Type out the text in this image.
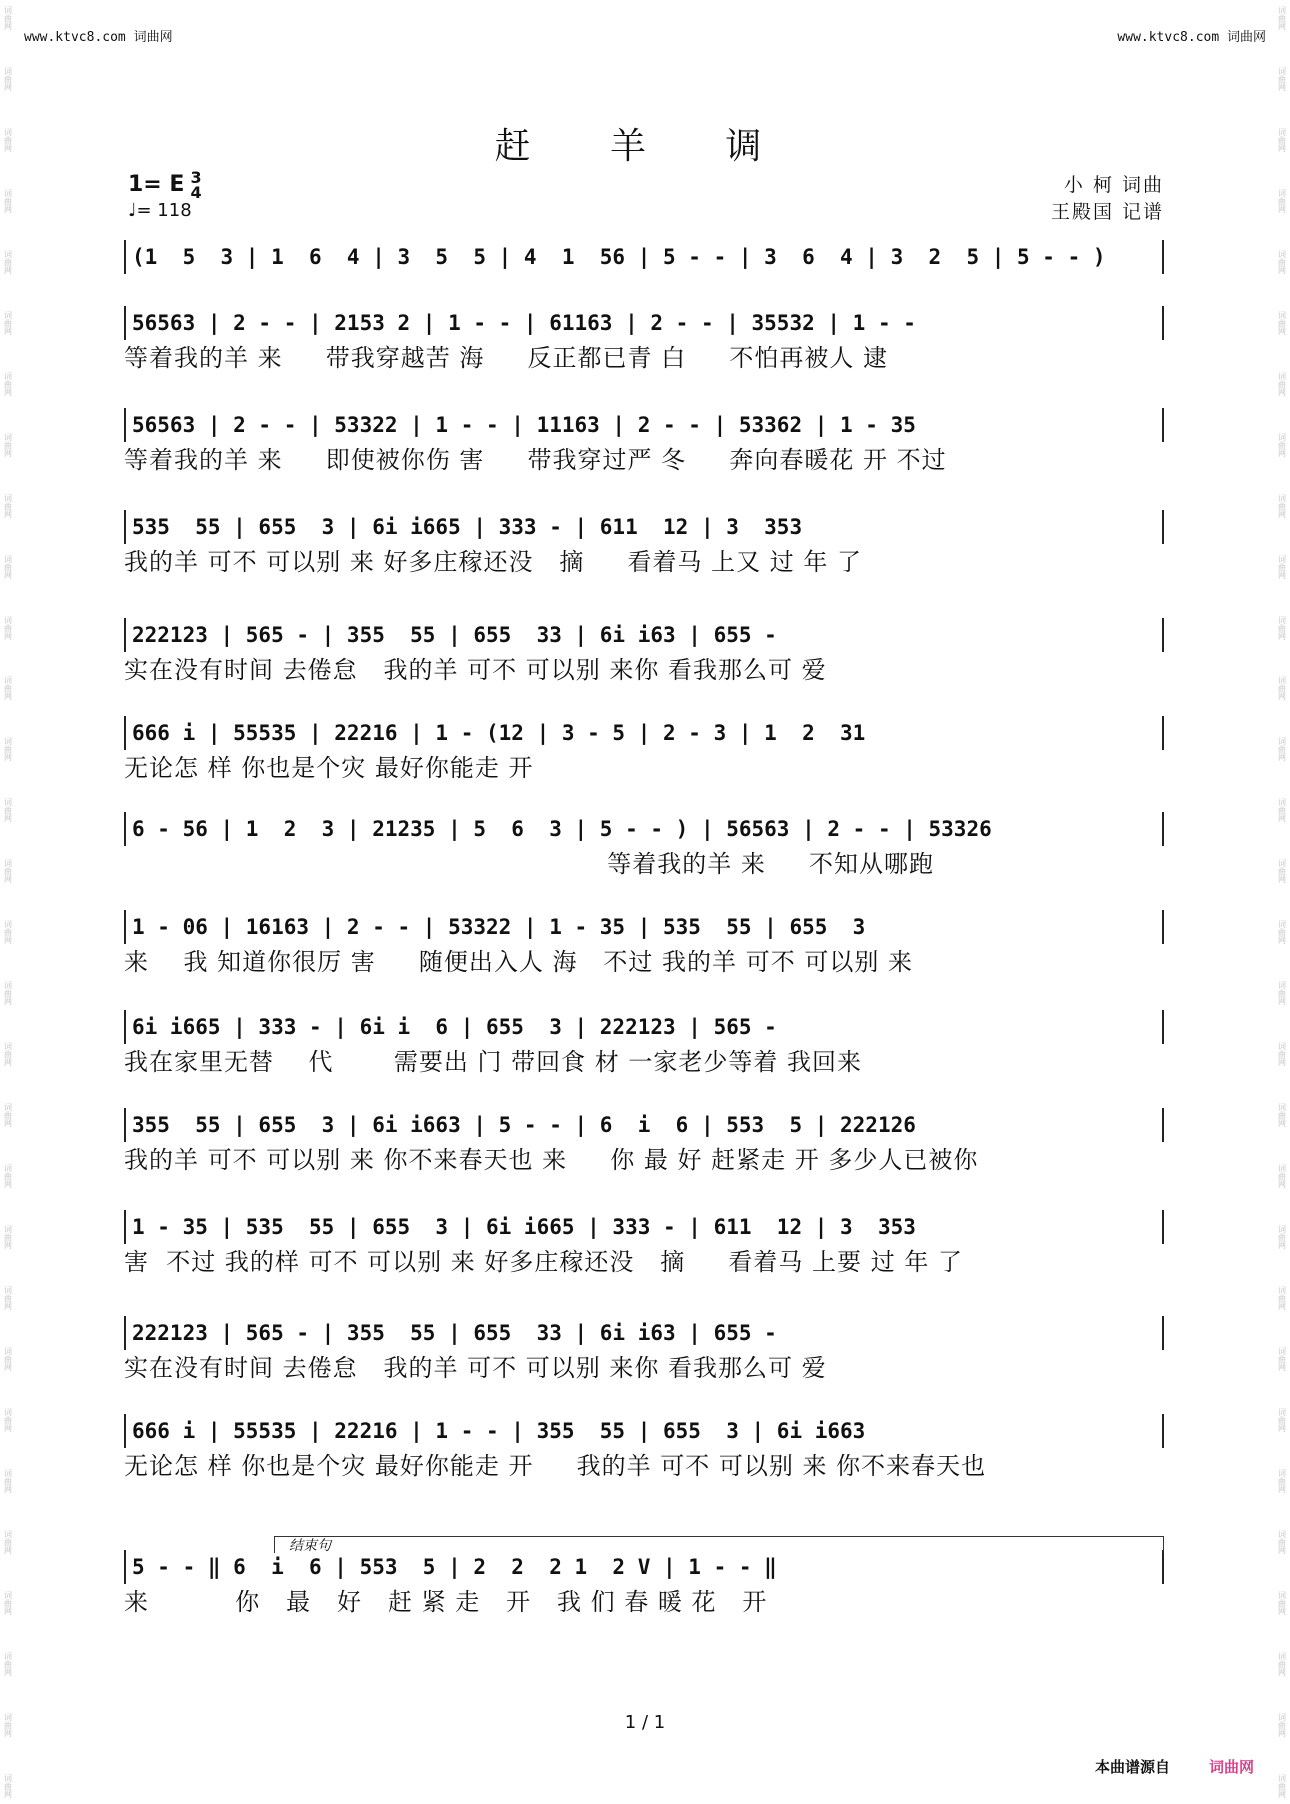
词曲网
词曲网
词曲网
词曲网
词曲网
词曲网
词曲网
词曲网
词曲网
词曲网
词曲网
词曲网
词曲网
词曲网
词曲网
词曲网
词曲网
词曲网
词曲网
词曲网
词曲网
词曲网
词曲网
词曲网
词曲网
词曲网
词曲网
词曲网
词曲网
词曲网
词曲网
词曲网
词曲网
词曲网
词曲网
词曲网
词曲网
词曲网
词曲网
词曲网
词曲网
词曲网
词曲网
词曲网
词曲网
词曲网
词曲网
词曲网
词曲网
词曲网
词曲网
词曲网
词曲网
词曲网
词曲网
词曲网
词曲网
词曲网
词曲网
词曲网
www.ktvc8.com 词曲网	www.ktvc8.com 词曲网
赶 羊 调
1= E 3
4
♩= 118
小 柯 词曲
王殿国 记谱
(1  5  3 | 1  6  4 | 3  5  5 | 4  1  56 | 5 - - | 3  6  4 | 3  2  5 | 5 - - )
56563 | 2 - - | 2153 2 | 1 - - | 61163 | 2 - - | 35532 | 1 - -
等着我的羊 来     带我穿越苦 海     反正都已青 白     不怕再被人 逮
56563 | 2 - - | 53322 | 1 - - | 11163 | 2 - - | 53362 | 1 - 35
等着我的羊 来     即使被你伤 害     带我穿过严 冬     奔向春暖花 开 不过
535  55 | 655  3 | 6i i665 | 333 - | 611  12 | 3  353
我的羊 可不 可以别 来 好多庄稼还没   摘     看着马 上又 过 年 了
222123 | 565 - | 355  55 | 655  33 | 6i i63 | 655 -
实在没有时间 去倦怠   我的羊 可不 可以别 来你 看我那么可 爱
666 i | 55535 | 22216 | 1 - (12 | 3 - 5 | 2 - 3 | 1  2  31
无论怎 样 你也是个灾 最好你能走 开
6 - 56 | 1  2  3 | 21235 | 5  6  3 | 5 - - ) | 56563 | 2 - - | 53326
等着我的羊 来     不知从哪跑
1 - 06 | 16163 | 2 - - | 53322 | 1 - 35 | 535  55 | 655  3
来    我 知道你很厉 害     随便出入人 海   不过 我的羊 可不 可以别 来
6i i665 | 333 - | 6i i  6 | 655  3 | 222123 | 565 -
我在家里无替    代       需要出 门 带回食 材 一家老少等着 我回来
355  55 | 655  3 | 6i i663 | 5 - - | 6  i  6 | 553  5 | 222126
我的羊 可不 可以别 来 你不来春天也 来     你 最 好 赶紧走 开 多少人已被你
1 - 35 | 535  55 | 655  3 | 6i i665 | 333 - | 611  12 | 3  353
害  不过 我的样 可不 可以别 来 好多庄稼还没   摘     看着马 上要 过 年 了
222123 | 565 - | 355  55 | 655  33 | 6i i63 | 655 -
实在没有时间 去倦怠   我的羊 可不 可以别 来你 看我那么可 爱
666 i | 55535 | 22216 | 1 - - | 355  55 | 655  3 | 6i i663
无论怎 样 你也是个灾 最好你能走 开     我的羊 可不 可以别 来 你不来春天也
5 - - ‖ 6  i  6 | 553  5 | 2  2  2 1  2 V | 1 - - ‖
来          你   最   好   赶 紧 走   开   我 们 春 暖 花   开
结束句
1 / 1
本曲谱源自	词曲网
